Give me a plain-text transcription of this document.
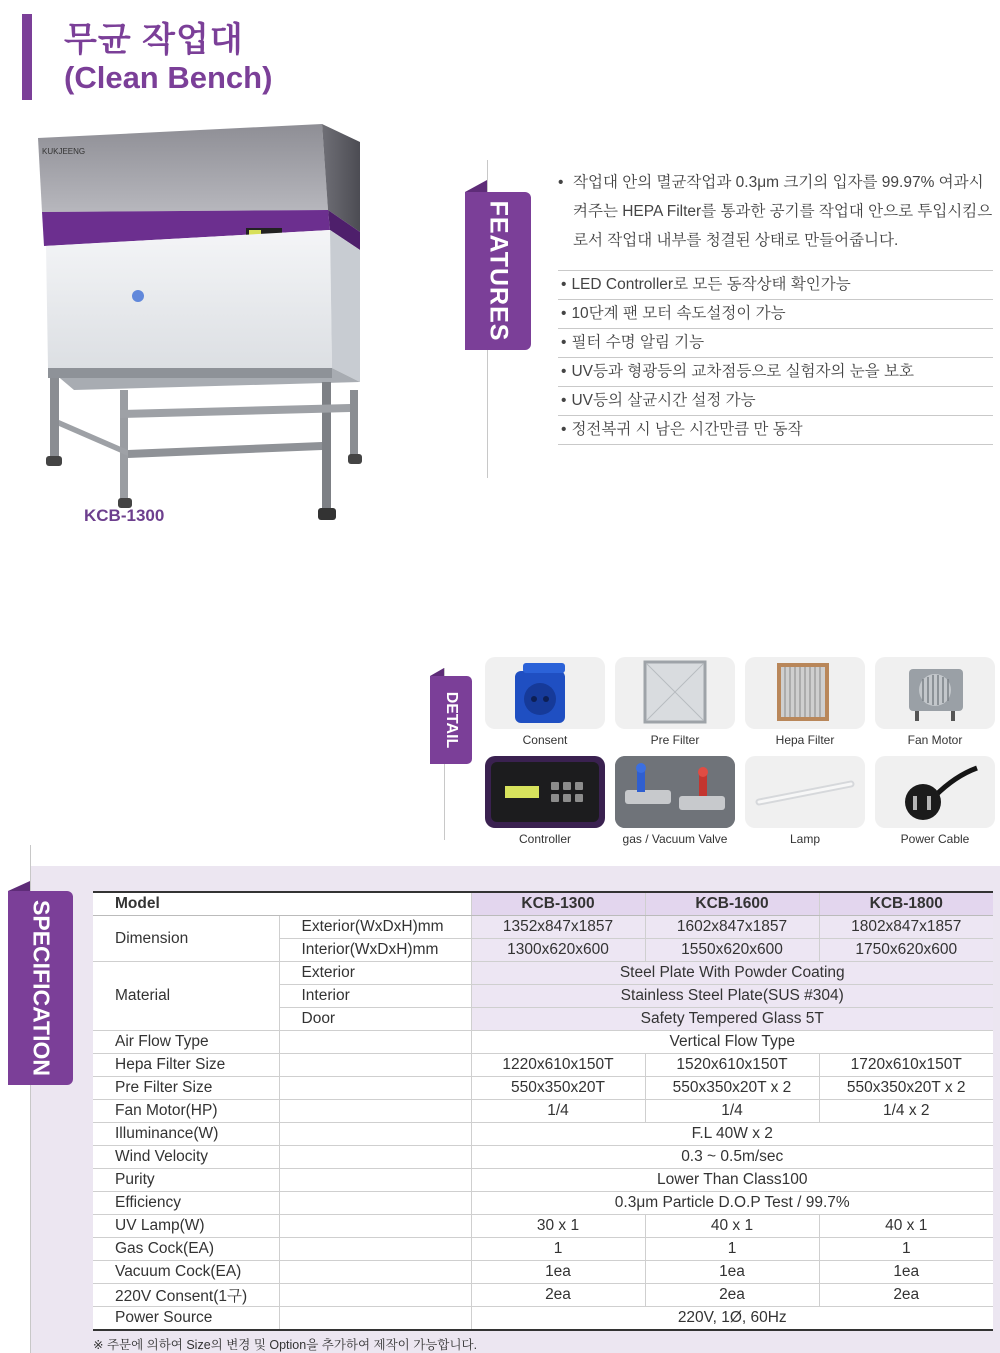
무균 작업대
(Clean Bench)
KUKJEENG
KCB-1300
FEATURES
• 작업대 안의 멸균작업과 0.3μm 크기의 입자를 99.97% 여과시켜주는 HEPA Filter를 통과한 공기를 작업대 안으로 투입시킴으로서 작업대 내부를 청결된 상태로 만들어줍니다.
• LED Controller로 모든 동작상태 확인가능
• 10단계 팬 모터 속도설정이 가능
• 필터 수명 알림 기능
• UV등과 형광등의 교차점등으로 실험자의 눈을 보호
• UV등의 살균시간 설정 가능
• 정전복귀 시 남은 시간만큼 만 동작
DETAIL	Consent	Pre Filter	Hepa Filter	Fan Motor
Controller	gas / Vacuum Valve	Lamp	Power Cable
SPECIFICATION	Model		KCB-1300	KCB-1600	KCB-1800
Dimension	Exterior(WxDxH)mm	1352x847x1857	1602x847x1857	1802x847x1857
	Interior(WxDxH)mm	1300x620x600	1550x620x600	1750x620x600
Material	Exterior	Steel Plate With Powder Coating		
	Interior	Stainless Steel Plate(SUS #304)		
	Door	Safety Tempered Glass 5T		
Air Flow Type		Vertical Flow Type		
Hepa Filter Size		1220x610x150T	1520x610x150T	1720x610x150T
Pre Filter Size		550x350x20T	550x350x20T x 2	550x350x20T x 2
Fan Motor(HP)		1/4	1/4	1/4 x 2
Illuminance(W)		F.L 40W x 2		
Wind Velocity		0.3 ~ 0.5m/sec		
Purity		Lower Than Class100		
Efficiency		0.3μm Particle D.O.P Test / 99.7%		
UV Lamp(W)		30 x 1	40 x 1	40 x 1
Gas Cock(EA)		1	1	1
Vacuum Cock(EA)		1ea	1ea	1ea
220V Consent(1구)		2ea	2ea	2ea
Power Source		220V, 1Ø, 60Hz		
※ 주문에 의하여 Size의 변경 및 Option을 추가하여 제작이 가능합니다.
